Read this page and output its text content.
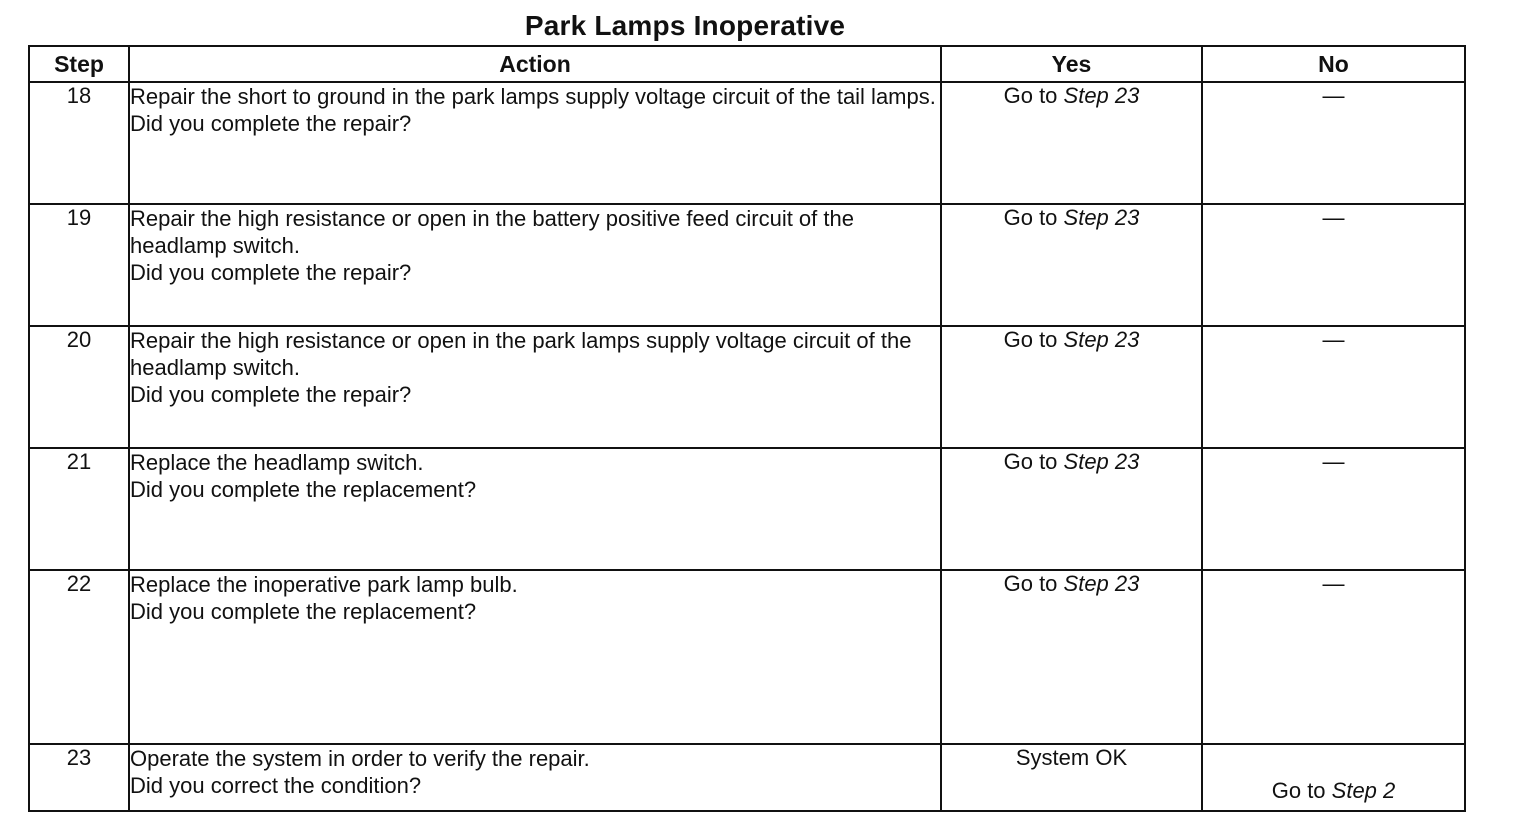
Park Lamps Inoperative
Step	Action	Yes	No
18	Repair the short to ground in the park lamps supply voltage circuit of the tail lamps.
Did you complete the repair?	Go to Step 23	—
19	Repair the high resistance or open in the battery positive feed circuit of the headlamp switch.
Did you complete the repair?	Go to Step 23	—
20	Repair the high resistance or open in the park lamps supply voltage circuit of the headlamp switch.
Did you complete the repair?	Go to Step 23	—
21	Replace the headlamp switch.
Did you complete the replacement?	Go to Step 23	—
22	Replace the inoperative park lamp bulb.
Did you complete the replacement?	Go to Step 23	—
23	Operate the system in order to verify the repair.
Did you correct the condition?	System OK	Go to Step 2
